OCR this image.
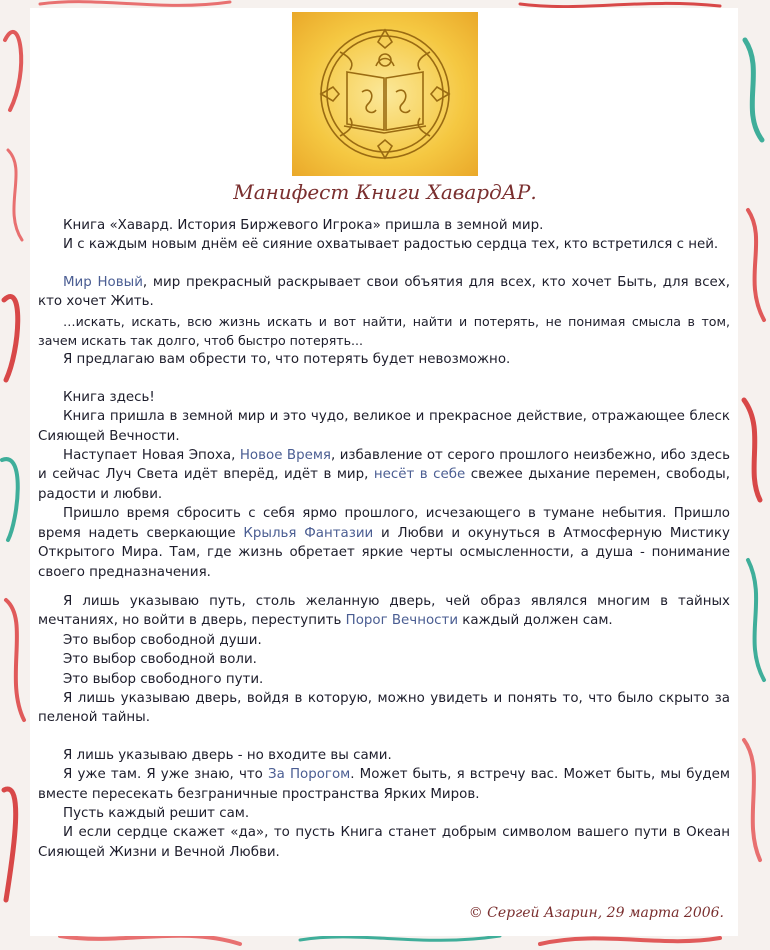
Манифест Книги ХавардАР.

Книга «Хавард. История Биржевого Игрока» пришла в земной мир.

И с каждым новым днём её сияние охватывает радостью сердца тех, кто встретился с ней.

Мир Новый, мир прекрасный раскрывает свои объятия для всех, кто хочет Быть, для всех, кто хочет Жить.

…искать, искать, всю жизнь искать и вот найти, найти и потерять, не понимая смысла в том, зачем искать так долго, чтоб быстро потерять...

Я предлагаю вам обрести то, что потерять будет невозможно.

Книга здесь!

Книга пришла в земной мир и это чудо, великое и прекрасное действие, отражающее блеск Сияющей Вечности.

Наступает Новая Эпоха, Новое Время, избавление от серого прошлого неизбежно, ибо здесь и сейчас Луч Света идёт вперёд, идёт в мир, несёт в себе свежее дыхание перемен, свободы, радости и любви.

Пришло время сбросить с себя ярмо прошлого, исчезающего в тумане небытия. Пришло время надеть сверкающие Крылья Фантазии и Любви и окунуться в Атмосферную Мистику Открытого Мира. Там, где жизнь обретает яркие черты осмысленности, а душа - понимание своего предназначения.

Я лишь указываю путь, столь желанную дверь, чей образ являлся многим в тайных мечтаниях, но войти в дверь, переступить Порог Вечности каждый должен сам.

Это выбор свободной души.

Это выбор свободной воли.

Это выбор свободного пути.

Я лишь указываю дверь, войдя в которую, можно увидеть и понять то, что было скрыто за пеленой тайны.

Я лишь указываю дверь - но входите вы сами.

Я уже там. Я уже знаю, что За Порогом. Может быть, я встречу вас. Может быть, мы будем вместе пересекать безграничные пространства Ярких Миров.

Пусть каждый решит сам.

И если сердце скажет «да», то пусть Книга станет добрым символом вашего пути в Океан Сияющей Жизни и Вечной Любви.

© Сергей Азарин, 29 марта 2006.
